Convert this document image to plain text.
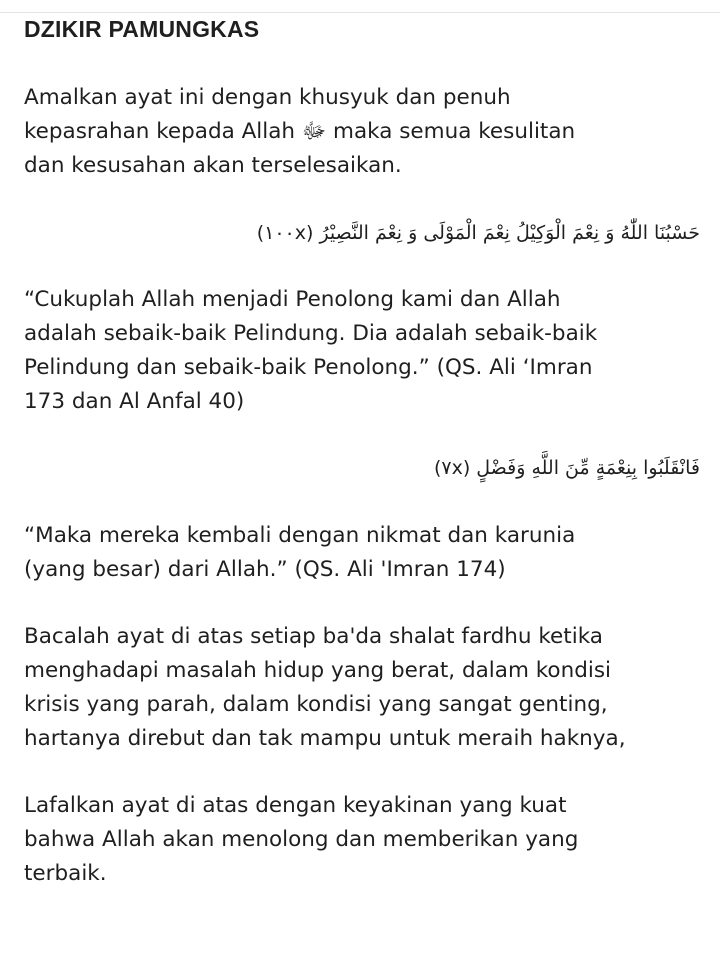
DZIKIR PAMUNGKAS

Amalkan ayat ini dengan khusyuk dan penuh
kepasrahan kepada Allah ﷻ maka semua kesulitan
dan kesusahan akan terselesaikan.

حَسْبُنَا اللّٰهُ وَ نِعْمَ الْوَكِيْلُ نِعْمَ الْمَوْلَى وَ نِعْمَ النَّصِيْرُ (١٠٠x)

“Cukuplah Allah menjadi Penolong kami dan Allah
adalah sebaik-baik Pelindung. Dia adalah sebaik-baik
Pelindung dan sebaik-baik Penolong.” (QS. Ali ‘Imran
173 dan Al Anfal 40)

فَانْقَلَبُوا بِنِعْمَةٍ مِّنَ اللَّهِ وَفَضْلٍ (٧x)

“Maka mereka kembali dengan nikmat dan karunia
(yang besar) dari Allah.” (QS. Ali 'Imran 174)

Bacalah ayat di atas setiap ba'da shalat fardhu ketika
menghadapi masalah hidup yang berat, dalam kondisi
krisis yang parah, dalam kondisi yang sangat genting,
hartanya direbut dan tak mampu untuk meraih haknya,

Lafalkan ayat di atas dengan keyakinan yang kuat
bahwa Allah akan menolong dan memberikan yang
terbaik.
